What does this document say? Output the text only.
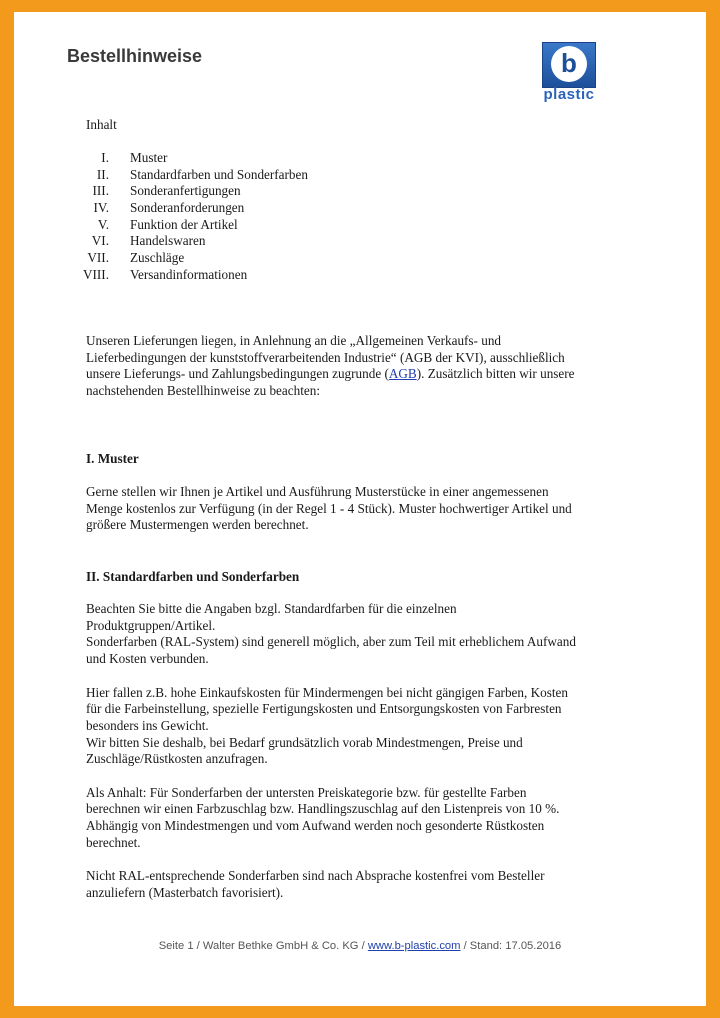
Bestellhinweise	b
plastic
Inhalt
I. Muster
II. Standardfarben und Sonderfarben
III. Sonderanfertigungen
IV. Sonderanforderungen
V. Funktion der Artikel
VI. Handelswaren
VII. Zuschläge
VIII. Versandinformationen
Unseren Lieferungen liegen, in Anlehnung an die „Allgemeinen Verkaufs- und
Lieferbedingungen der kunststoffverarbeitenden Industrie“ (AGB der KVI), ausschließlich
unsere Lieferungs- und Zahlungsbedingungen zugrunde (AGB). Zusätzlich bitten wir unsere
nachstehenden Bestellhinweise zu beachten:
I. Muster
Gerne stellen wir Ihnen je Artikel und Ausführung Musterstücke in einer angemessenen
Menge kostenlos zur Verfügung (in der Regel 1 - 4 Stück). Muster hochwertiger Artikel und
größere Mustermengen werden berechnet.
II. Standardfarben und Sonderfarben
Beachten Sie bitte die Angaben bzgl. Standardfarben für die einzelnen
Produktgruppen/Artikel.
Sonderfarben (RAL-System) sind generell möglich, aber zum Teil mit erheblichem Aufwand
und Kosten verbunden.
Hier fallen z.B. hohe Einkaufskosten für Mindermengen bei nicht gängigen Farben, Kosten
für die Farbeinstellung, spezielle Fertigungskosten und Entsorgungskosten von Farbresten
besonders ins Gewicht.
Wir bitten Sie deshalb, bei Bedarf grundsätzlich vorab Mindestmengen, Preise und
Zuschläge/Rüstkosten anzufragen.
Als Anhalt: Für Sonderfarben der untersten Preiskategorie bzw. für gestellte Farben
berechnen wir einen Farbzuschlag bzw. Handlingszuschlag auf den Listenpreis von 10 %.
Abhängig von Mindestmengen und vom Aufwand werden noch gesonderte Rüstkosten
berechnet.
Nicht RAL-entsprechende Sonderfarben sind nach Absprache kostenfrei vom Besteller
anzuliefern (Masterbatch favorisiert).
Seite 1 / Walter Bethke GmbH & Co. KG / www.b-plastic.com / Stand: 17.05.2016
